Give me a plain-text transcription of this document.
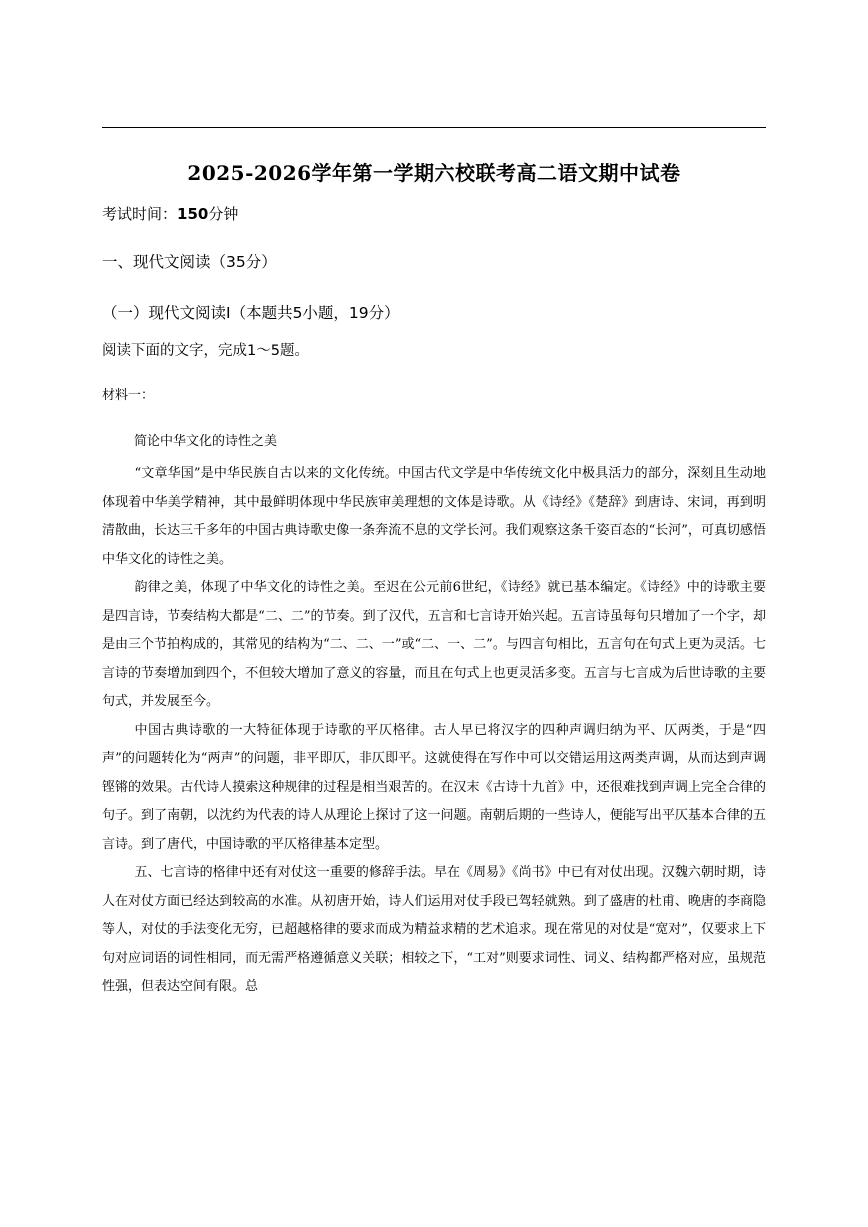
2025-2026学年第一学期六校联考高二语文期中试卷
考试时间：150分钟
一、现代文阅读（35分）
（一）现代文阅读Ⅰ（本题共5小题，19分）
阅读下面的文字，完成1～5题。
材料一：
简论中华文化的诗性之美

“文章华国”是中华民族自古以来的文化传统。中国古代文学是中华传统文化中极具活力的部分，深刻且生动地体现着中华美学精神，其中最鲜明体现中华民族审美理想的文体是诗歌。从《诗经》《楚辞》到唐诗、宋词，再到明清散曲，长达三千多年的中国古典诗歌史像一条奔流不息的文学长河。我们观察这条千姿百态的“长河”，可真切感悟中华文化的诗性之美。

韵律之美，体现了中华文化的诗性之美。至迟在公元前6世纪，《诗经》就已基本编定。《诗经》中的诗歌主要是四言诗，节奏结构大都是“二、二”的节奏。到了汉代，五言和七言诗开始兴起。五言诗虽每句只增加了一个字，却是由三个节拍构成的，其常见的结构为“二、二、一”或“二、一、二”。与四言句相比，五言句在句式上更为灵活。七言诗的节奏增加到四个，不但较大增加了意义的容量，而且在句式上也更灵活多变。五言与七言成为后世诗歌的主要句式，并发展至今。

中国古典诗歌的一大特征体现于诗歌的平仄格律。古人早已将汉字的四种声调归纳为平、仄两类，于是“四声”的问题转化为“两声”的问题，非平即仄，非仄即平。这就使得在写作中可以交错运用这两类声调，从而达到声调铿锵的效果。古代诗人摸索这种规律的过程是相当艰苦的。在汉末《古诗十九首》中，还很难找到声调上完全合律的句子。到了南朝，以沈约为代表的诗人从理论上探讨了这一问题。南朝后期的一些诗人，便能写出平仄基本合律的五言诗。到了唐代，中国诗歌的平仄格律基本定型。

五、七言诗的格律中还有对仗这一重要的修辞手法。早在《周易》《尚书》中已有对仗出现。汉魏六朝时期，诗人在对仗方面已经达到较高的水准。从初唐开始，诗人们运用对仗手段已驾轻就熟。到了盛唐的杜甫、晚唐的李商隐等人，对仗的手法变化无穷，已超越格律的要求而成为精益求精的艺术追求。现在常见的对仗是“宽对”，仅要求上下句对应词语的词性相同，而无需严格遵循意义关联；相较之下，“工对”则要求词性、词义、结构都严格对应，虽规范性强，但表达空间有限。总
